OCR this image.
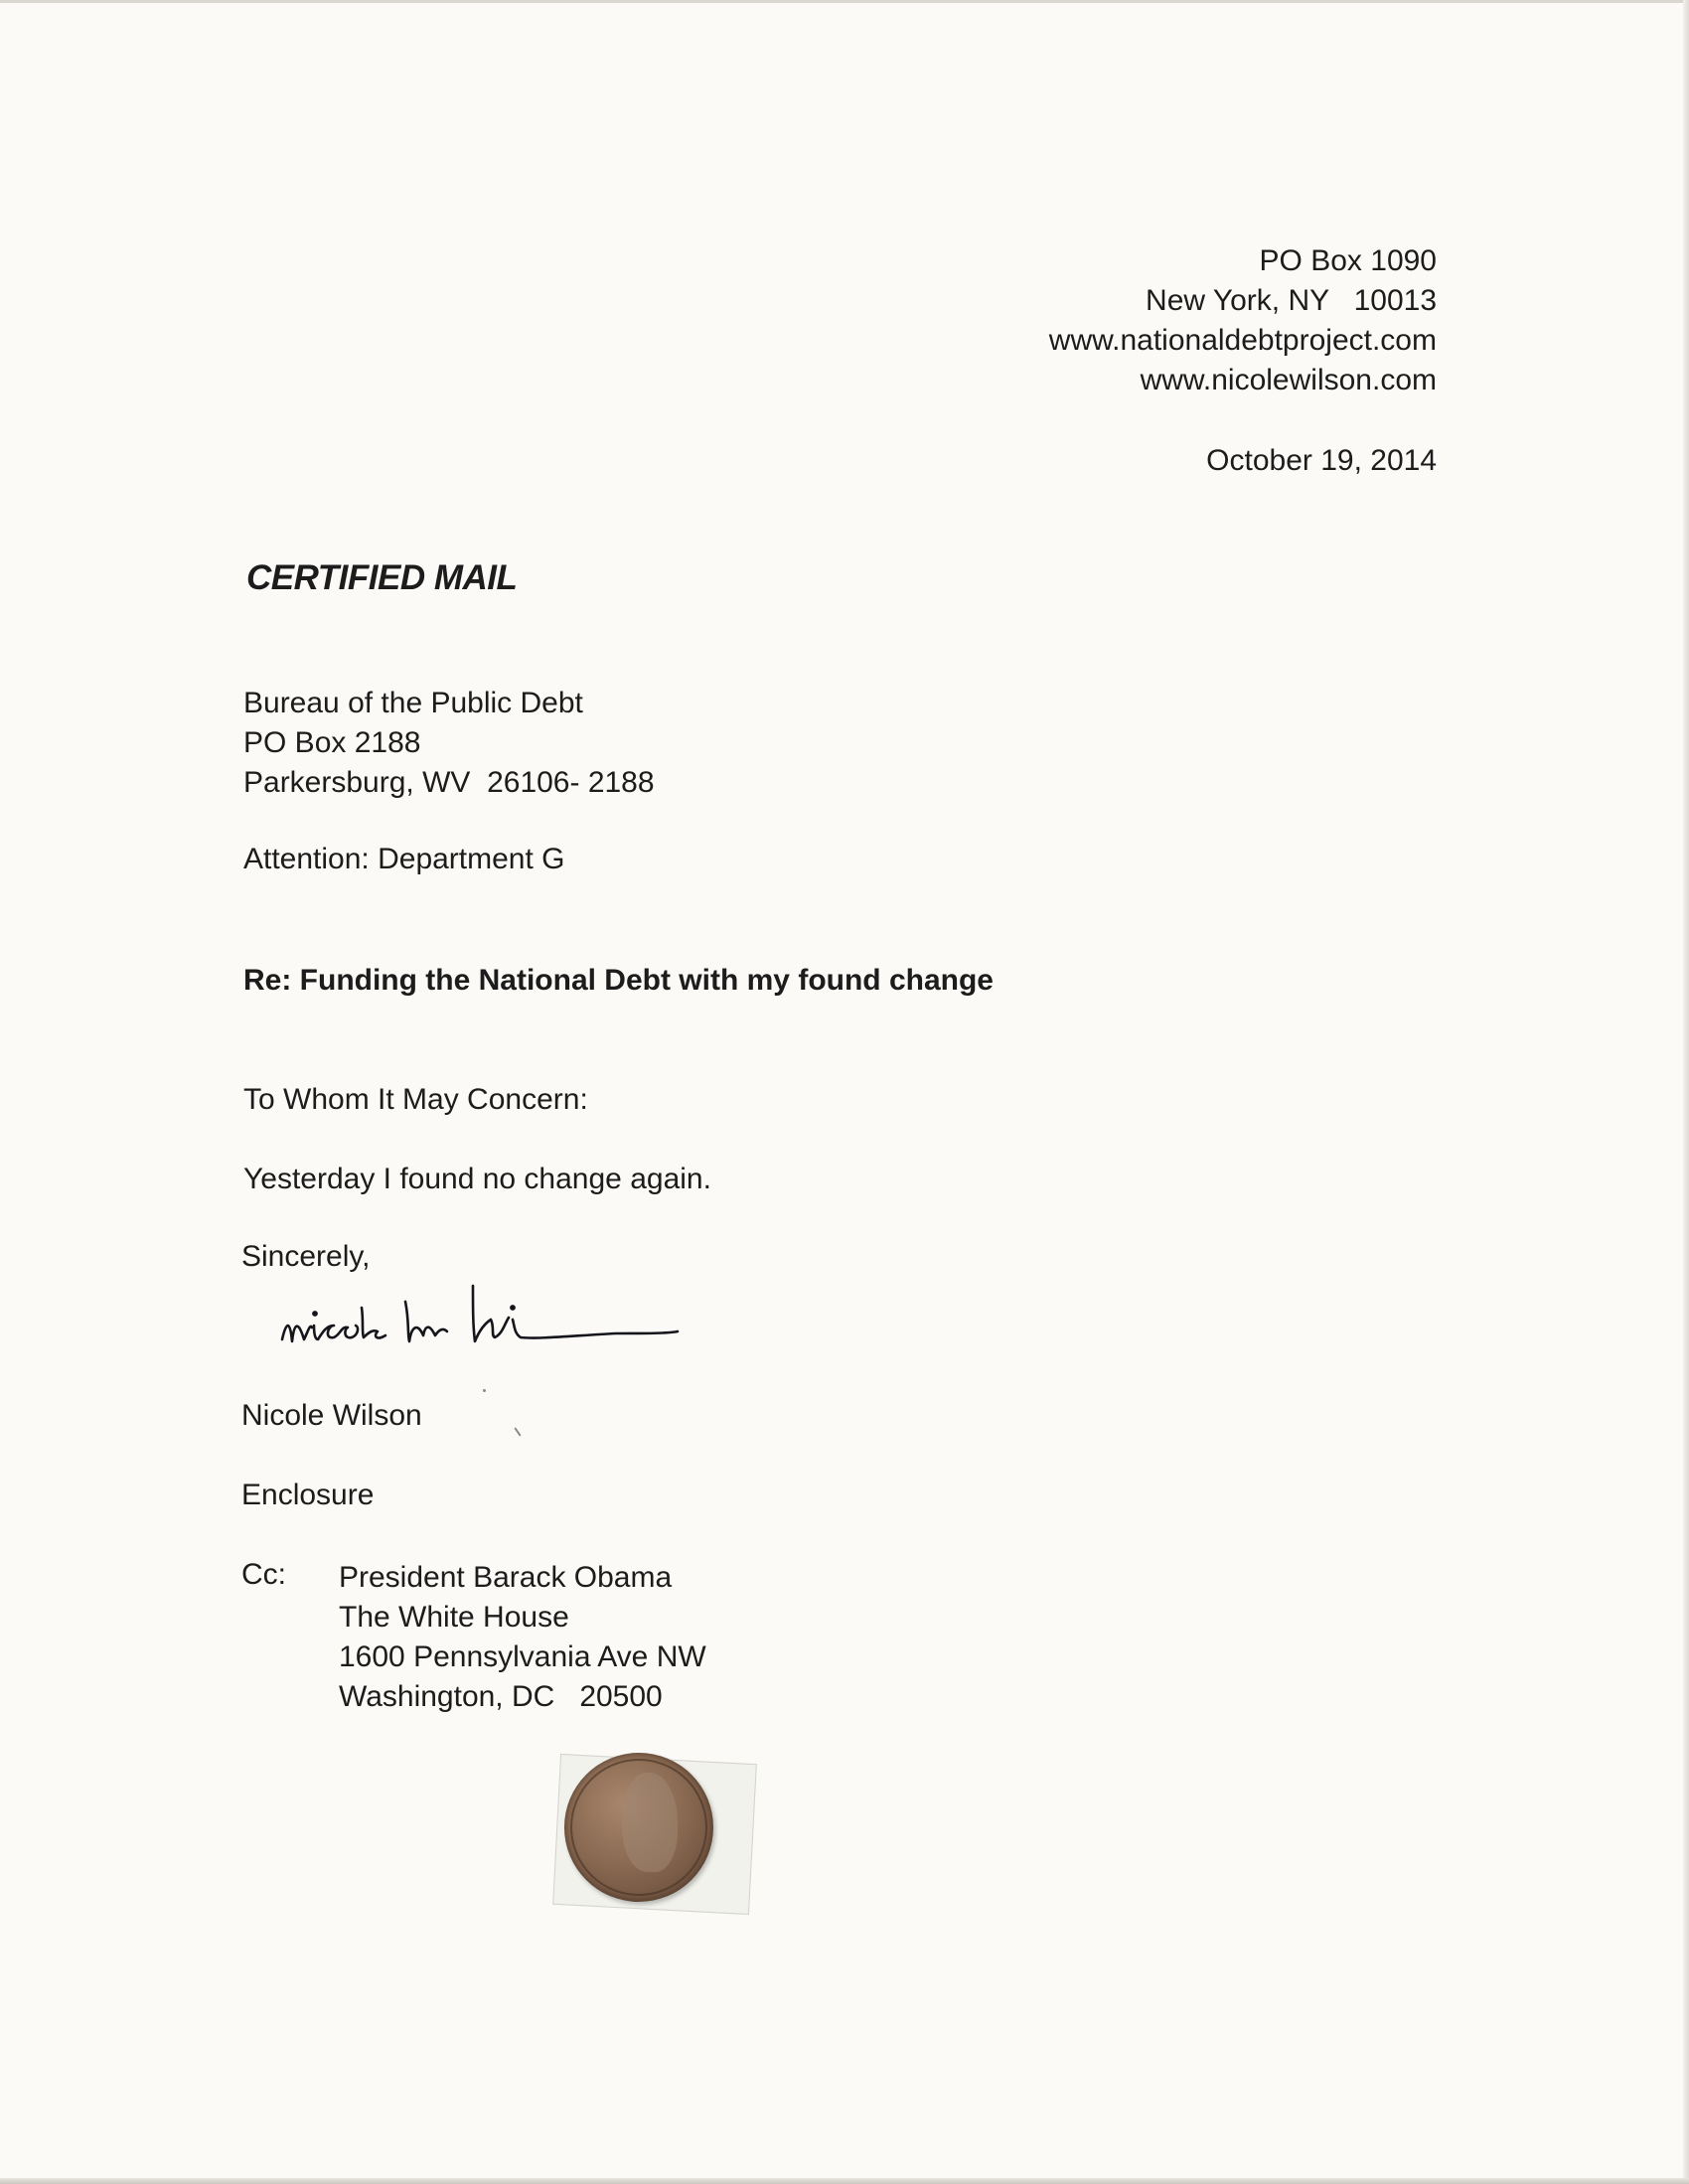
PO Box 1090
New York, NY   10013
www.nationaldebtproject.com
www.nicolewilson.com
October 19, 2014
CERTIFIED MAIL
Bureau of the Public Debt
PO Box 2188
Parkersburg, WV  26106- 2188
Attention: Department G
Re: Funding the National Debt with my found change
To Whom It May Concern:
Yesterday I found no change again.
Sincerely,
Nicole Wilson
Enclosure
Cc: President Barack Obama
The White House
1600 Pennsylvania Ave NW
Washington, DC   20500
